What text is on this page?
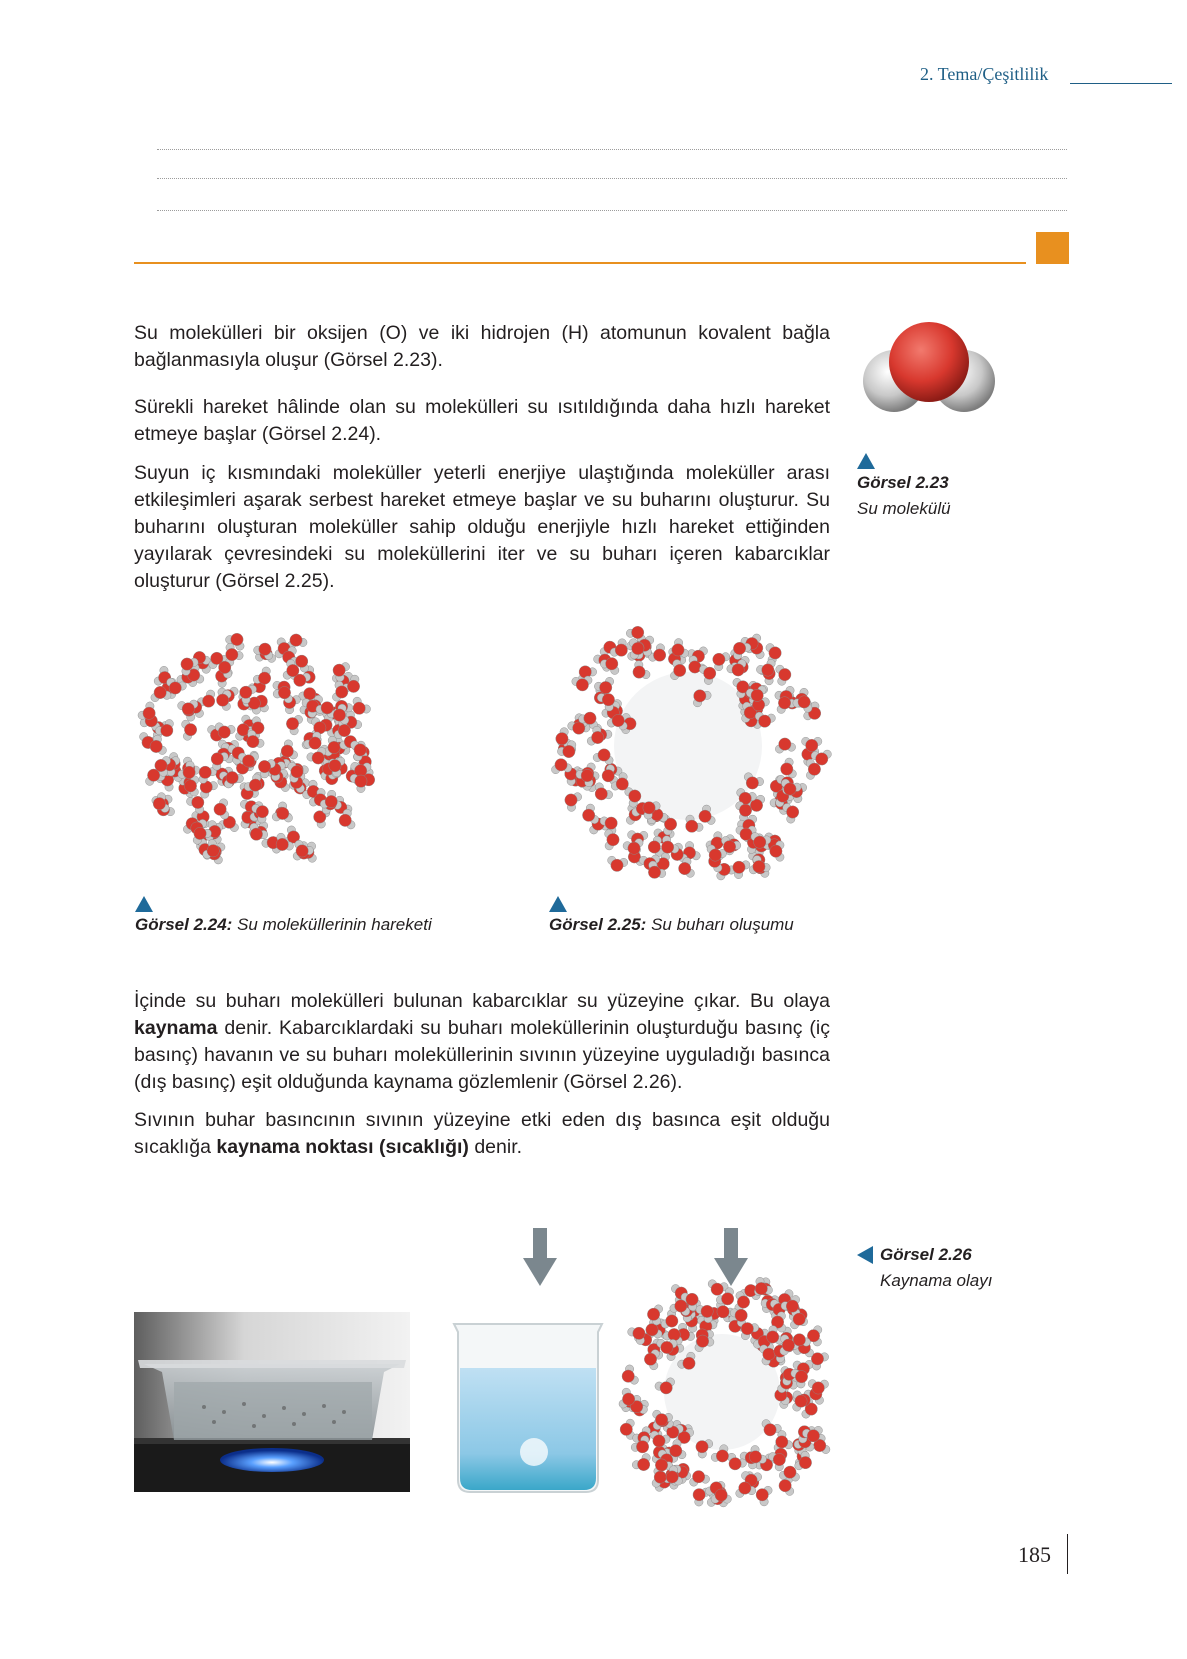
2. Tema/Çeşitlilik

Su molekülleri bir oksijen (O) ve iki hidrojen (H) atomunun kovalent bağla bağlanmasıyla oluşur (Görsel 2.23).

Sürekli hareket hâlinde olan su molekülleri su ısıtıldığında daha hızlı hareket etmeye başlar (Görsel 2.24).

Suyun iç kısmındaki moleküller yeterli enerjiye ulaştığında moleküller arası etkileşimleri aşarak serbest hareket etmeye başlar ve su buharını oluşturur. Su buharını oluşturan moleküller sahip olduğu enerjiyle hızlı hareket ettiğinden yayılarak çevresindeki su moleküllerini iter ve su buharı içeren kabarcıklar oluşturur (Görsel 2.25).

İçinde su buharı molekülleri bulunan kabarcıklar su yüzeyine çıkar. Bu olaya kaynama denir. Kabarcıklardaki su buharı moleküllerinin oluşturduğu basınç (iç basınç) havanın ve su buharı moleküllerinin sıvının yüzeyine uyguladığı basınca (dış basınç) eşit olduğunda kaynama gözlemlenir (Görsel 2.26).

Sıvının buhar basıncının sıvının yüzeyine etki eden dış basınca eşit olduğu sıcaklığa kaynama noktası (sıcaklığı) denir.

Görsel 2.23
Su molekülü
Görsel 2.24: Su moleküllerinin hareketi	Görsel 2.25: Su buharı oluşumu
Görsel 2.26
Kaynama olayı
185
